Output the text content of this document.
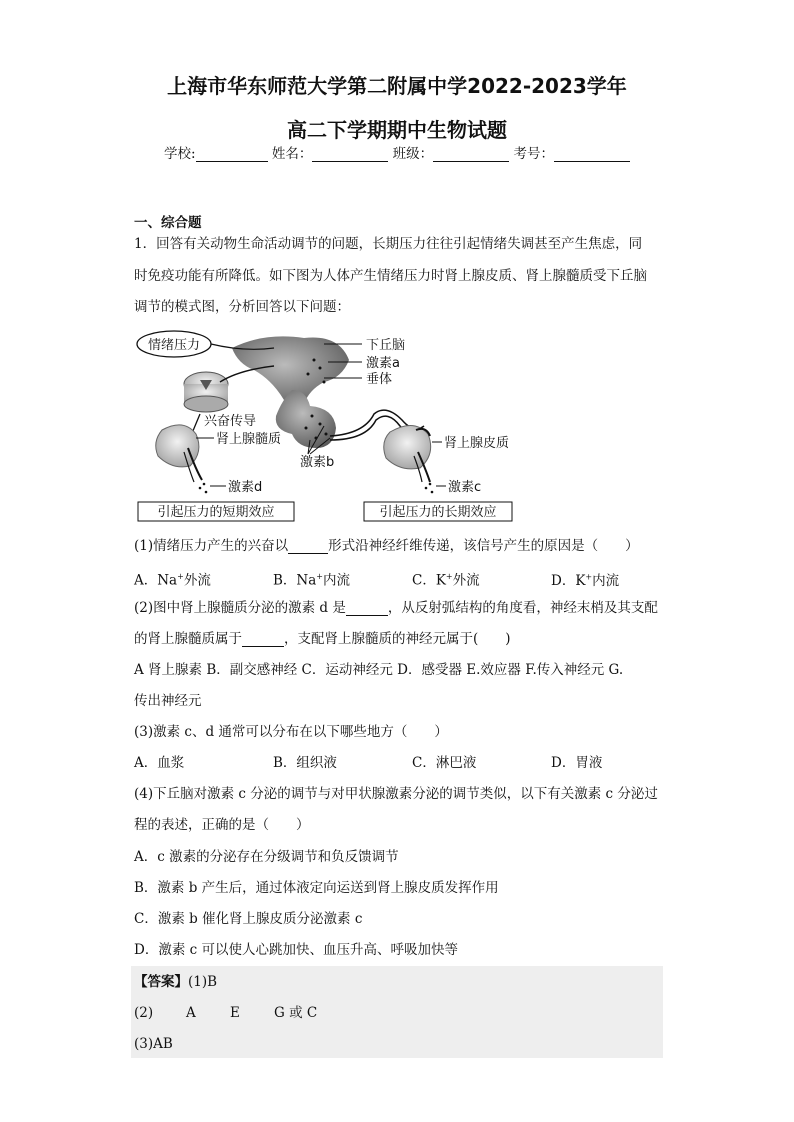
上海市华东师范大学第二附属中学2022-2023学年
高二下学期期中生物试题
学校:	姓名：	班级：	考号：
一、综合题
1．回答有关动物生命活动调节的问题，长期压力往往引起情绪失调甚至产生焦虑，同
时免疫功能有所降低。如下图为人体产生情绪压力时肾上腺皮质、肾上腺髓质受下丘脑
调节的模式图，分析回答以下问题：
情绪压力
兴奋传导
肾上腺髓质
激素d
下丘脑
激素a
垂体
激素b
肾上腺皮质
激素c
引起压力的短期效应	引起压力的长期效应
(1)情绪压力产生的兴奋以	形式沿神经纤维传递，该信号产生的原因是（　　）
A．Na+外流	B．Na+内流	C．K+外流	D．K+内流
(2)图中肾上腺髓质分泌的激素 d 是	，从反射弧结构的角度看，神经末梢及其支配
的肾上腺髓质属于	，支配肾上腺髓质的神经元属于(　　)
A 肾上腺素 B．副交感神经 C．运动神经元 D．感受器 E.效应器 F.传入神经元 G.
传出神经元
(3)激素 c、d 通常可以分布在以下哪些地方（　　）
A．血浆	B．组织液	C．淋巴液	D．胃液
(4)下丘脑对激素 c 分泌的调节与对甲状腺激素分泌的调节类似，以下有关激素 c 分泌过
程的表述，正确的是（　　）
A．c 激素的分泌存在分级调节和负反馈调节
B．激素 b 产生后，通过体液定向运送到肾上腺皮质发挥作用
C．激素 b 催化肾上腺皮质分泌激素 c
D．激素 c 可以使人心跳加快、血压升高、呼吸加快等
【答案】(1)B
(2) A	E	G 或 C
(3)AB
